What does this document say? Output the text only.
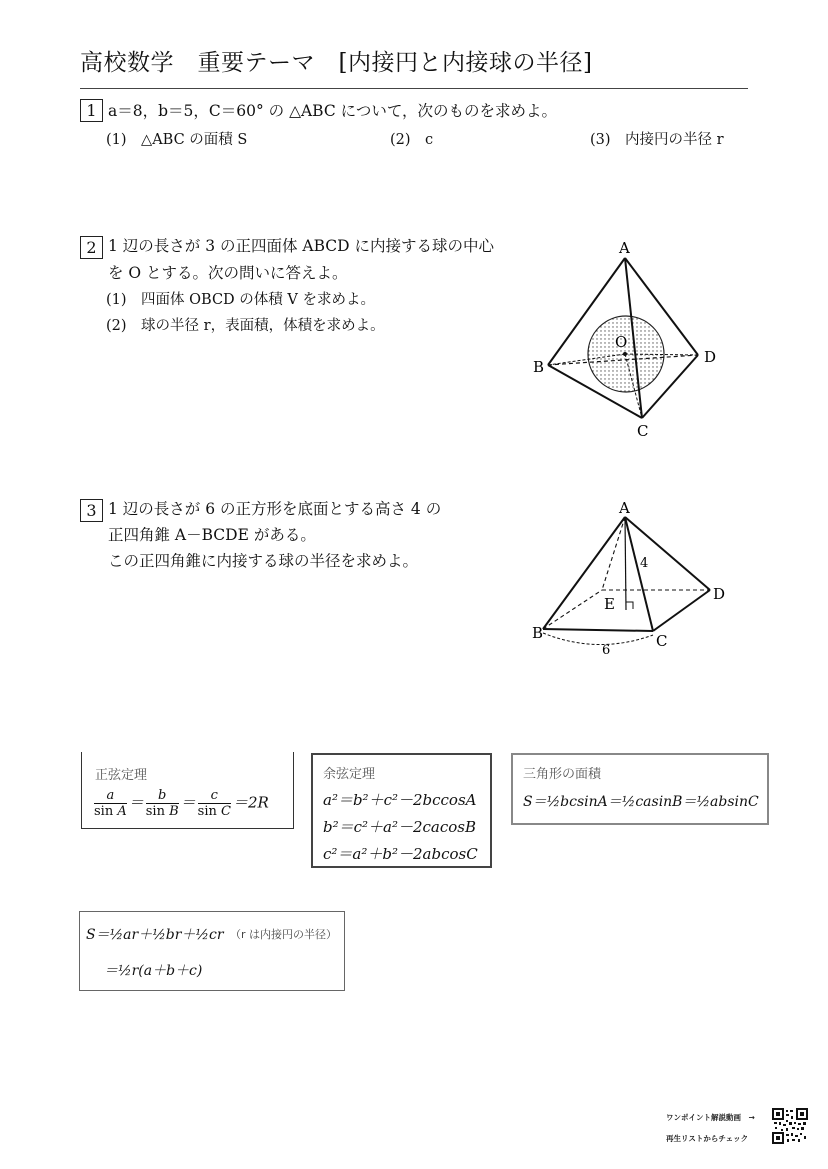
高校数学　重要テーマ　[内接円と内接球の半径]
1 a＝8，b＝5，C＝60° の △ABC について，次のものを求めよ。
(1)　△ABC の面積 S	(2)　c	(3)　内接円の半径 r
2 1 辺の長さが 3 の正四面体 ABCD に内接する球の中心
を O とする。次の問いに答えよ。
(1)　四面体 OBCD の体積 V を求めよ。
(2)　球の半径 r，表面積，体積を求めよ。
A
B
C
D
O
3 1 辺の長さが 6 の正方形を底面とする高さ 4 の
正四角錐 A－BCDE がある。
この正四角錐に内接する球の半径を求めよ。
A
B	C
D
E
4
6
正弦定理
$\frac{a}{\text{sin A}} = \frac{b}{\text{sin B}} = \frac{c}{\text{sin C}} =2R$
余弦定理
a²＝b²＋c²－2bccosA
b²＝c²＋a²－2cacosB
c²＝a²＋b²－2abcosC
三角形の面積
S＝½bcsinA＝½casinB＝½absinC
S＝½ar＋½br＋½cr （r は内接円の半径）
＝½r(a＋b＋c)
ワンポイント解説動画　→
再生リストからチェック
